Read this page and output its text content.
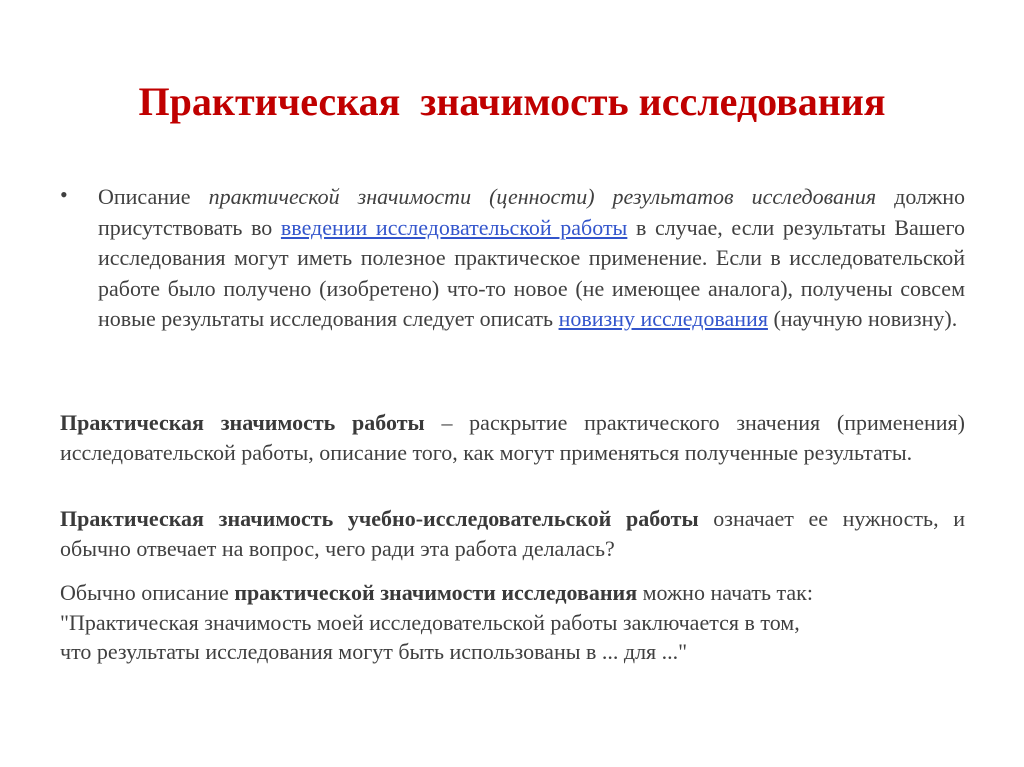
Практическая  значимость исследования
• Описание практической значимости (ценности) результатов исследования должно присутствовать во введении исследовательской работы в случае, если результаты Вашего исследования могут иметь полезное практическое применение. Если в исследовательской работе было получено (изобретено) что-то новое (не имеющее аналога), получены совсем новые результаты исследования следует описать новизну исследования (научную новизну).

Практическая значимость работы – раскрытие практического значения (применения) исследовательской работы, описание того, как могут применяться полученные результаты.

Практическая значимость учебно-исследовательской работы означает ее нужность, и обычно отвечает на вопрос, чего ради эта работа делалась?

Обычно описание практической значимости исследования можно начать так:
"Практическая значимость моей исследовательской работы заключается в том,
что результаты исследования могут быть использованы в ... для ..."
